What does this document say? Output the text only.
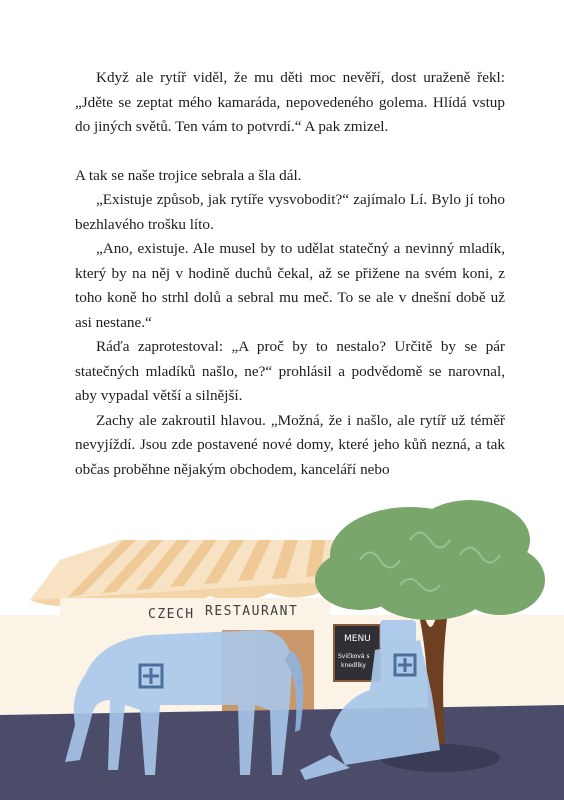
Když ale rytíř viděl, že mu děti moc nevěří, dost uraženě řekl: „Jděte se zeptat mého kamaráda, nepovedeného golema. Hlídá vstup do jiných světů. Ten vám to potvrdí.“ A pak zmizel.

A tak se naše trojice sebrala a šla dál.

„Existuje způsob, jak rytíře vysvobodit?“ zajímalo Lí. Bylo jí toho bezhlavého trošku líto.

„Ano, existuje. Ale musel by to udělat statečný a nevinný mladík, který by na něj v hodině duchů čekal, až se přižene na svém koni, z toho koně ho strhl dolů a sebral mu meč. To se ale v dnešní době už asi nestane.“

Ráďa zaprotestoval: „A proč by to nestalo? Určitě by se pár statečných mladíků našlo, ne?“ prohlásil a podvědomě se narovnal, aby vypadal větší a silnější.

Zachy ale zakroutil hlavou. „Možná, že i našlo, ale rytíř už téměř nevyjíždí. Jsou zde postavené nové domy, které jeho kůň nezná, a tak občas proběhne nějakým obchodem, kanceláří nebo

CZECH RESTAURANT
MENU
Svíčková s
knedlíky
